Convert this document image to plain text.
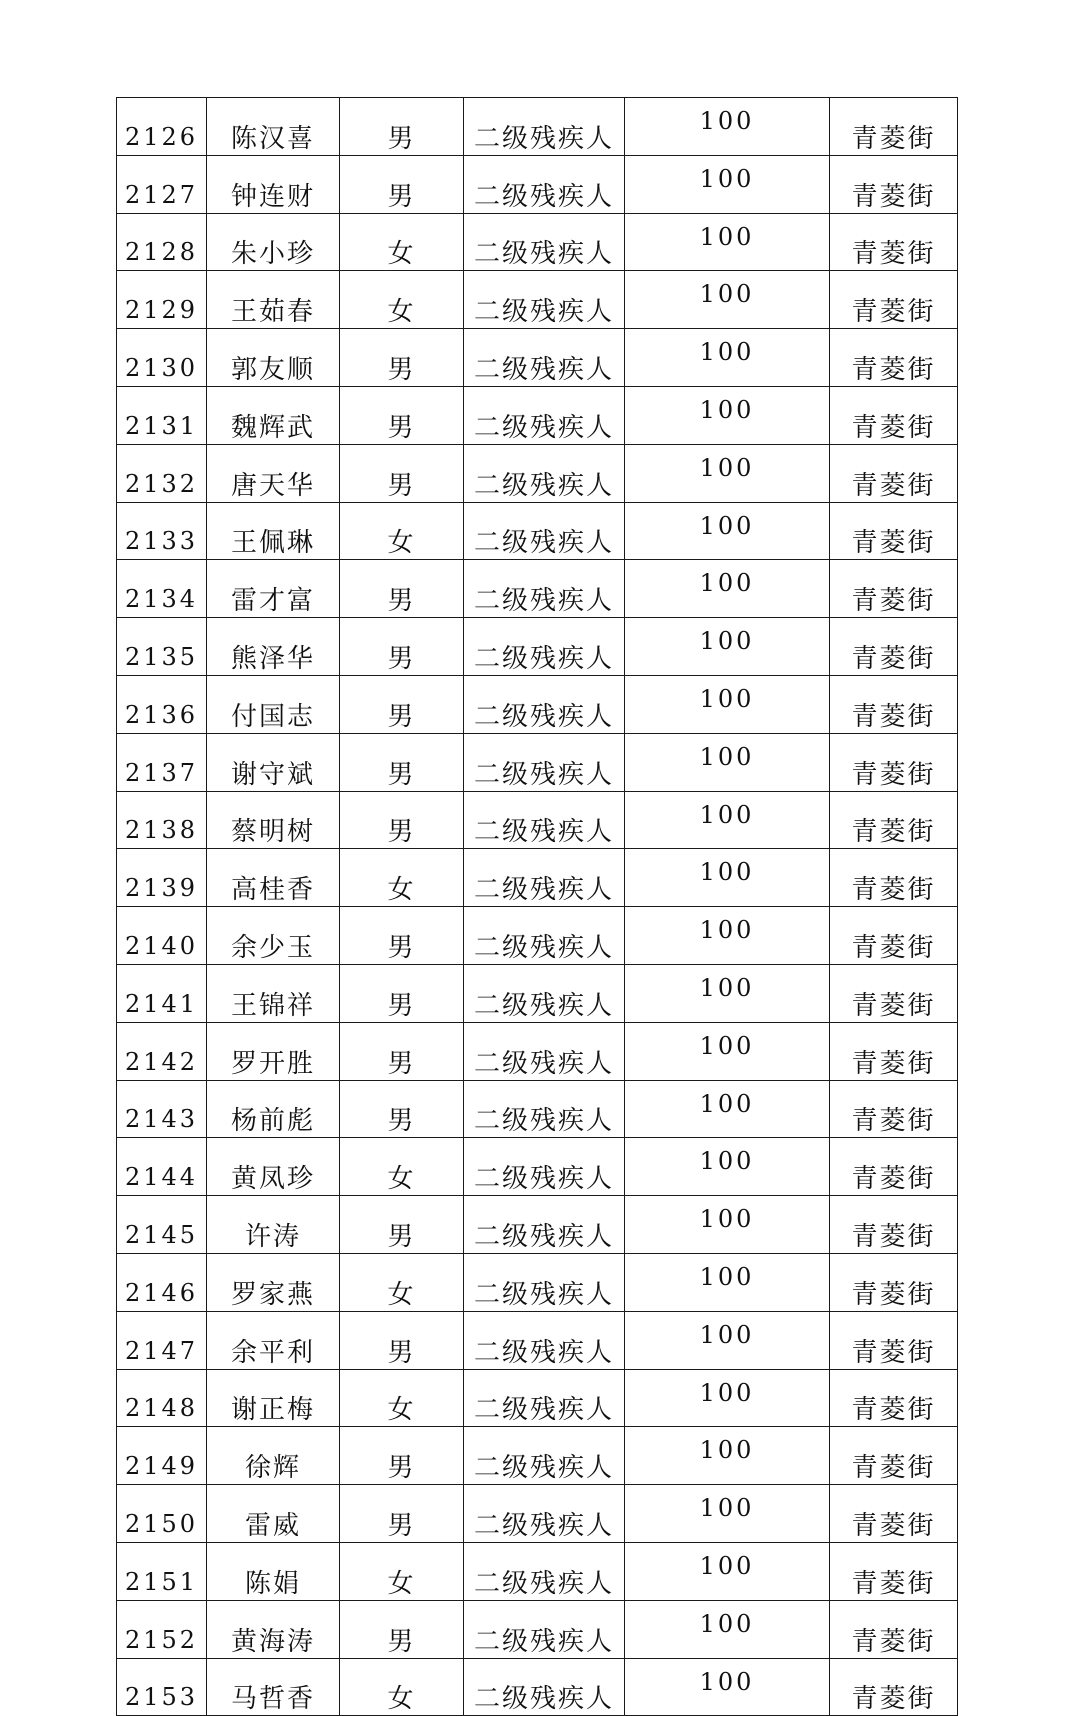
2126	陈汉喜	男	二级残疾人	100	青菱街
2127	钟连财	男	二级残疾人	100	青菱街
2128	朱小珍	女	二级残疾人	100	青菱街
2129	王茹春	女	二级残疾人	100	青菱街
2130	郭友顺	男	二级残疾人	100	青菱街
2131	魏辉武	男	二级残疾人	100	青菱街
2132	唐天华	男	二级残疾人	100	青菱街
2133	王佩琳	女	二级残疾人	100	青菱街
2134	雷才富	男	二级残疾人	100	青菱街
2135	熊泽华	男	二级残疾人	100	青菱街
2136	付国志	男	二级残疾人	100	青菱街
2137	谢守斌	男	二级残疾人	100	青菱街
2138	蔡明树	男	二级残疾人	100	青菱街
2139	高桂香	女	二级残疾人	100	青菱街
2140	余少玉	男	二级残疾人	100	青菱街
2141	王锦祥	男	二级残疾人	100	青菱街
2142	罗开胜	男	二级残疾人	100	青菱街
2143	杨前彪	男	二级残疾人	100	青菱街
2144	黄凤珍	女	二级残疾人	100	青菱街
2145	许涛	男	二级残疾人	100	青菱街
2146	罗家燕	女	二级残疾人	100	青菱街
2147	余平利	男	二级残疾人	100	青菱街
2148	谢正梅	女	二级残疾人	100	青菱街
2149	徐辉	男	二级残疾人	100	青菱街
2150	雷威	男	二级残疾人	100	青菱街
2151	陈娟	女	二级残疾人	100	青菱街
2152	黄海涛	男	二级残疾人	100	青菱街
2153	马哲香	女	二级残疾人	100	青菱街
